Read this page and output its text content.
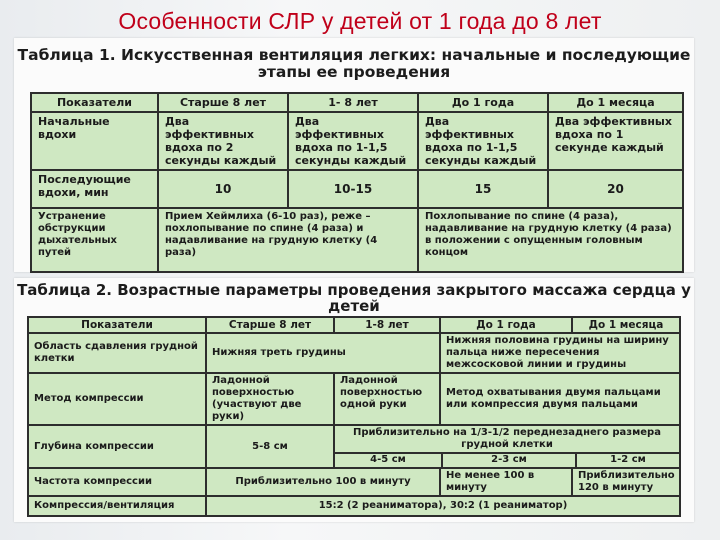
Особенности СЛР у детей от 1 года до 8 лет

Таблица 1. Искусственная вентиляция легких: начальные и последующие этапы ее проведения

Показатели	Старше 8 лет	1- 8 лет	До 1 года	До 1 месяца
Начальные вдохи	Два эффективных вдоха по 2 секунды каждый	Два эффективных вдоха по 1-1,5 секунды каждый	Два эффективных вдоха по 1-1,5 секунды каждый	Два эффективных вдоха по 1 секунде каждый
Последующие вдохи, мин	10	10-15	15	20
Устранение обструкции дыхательных путей	Прием Хеймлиха (6-10 раз), реже – похлопывание по спине (4 раза) и надавливание на грудную клетку (4 раза)		Похлопывание по спине (4 раза), надавливание на грудную клетку (4 раза) в положении с опущенным головным концом	

Таблица 2. Возрастные параметры проведения закрытого массажа сердца у детей

Показатели	Старше 8 лет	1-8 лет	До 1 года	До 1 месяца
Область сдавления грудной клетки	Нижняя треть грудины		Нижняя половина грудины на ширину пальца ниже пересечения межсосковой линии и грудины	
Метод компрессии	Ладонной поверхностью (участвуют две руки)	Ладонной поверхностью одной руки	Метод охватывания двумя пальцами или компрессия двумя пальцами	
Глубина компрессии	5-8 см	Приблизительно на 1/3-1/2 переднезаднего размера грудной клетки
4-5 см 2-3 см 1-2 см		

Частота компрессии	Приблизительно 100 в минуту		Не менее 100 в минуту	Приблизительно 120 в минуту
Компрессия/вентиляция	15:2 (2 реаниматора), 30:2 (1 реаниматор)			
